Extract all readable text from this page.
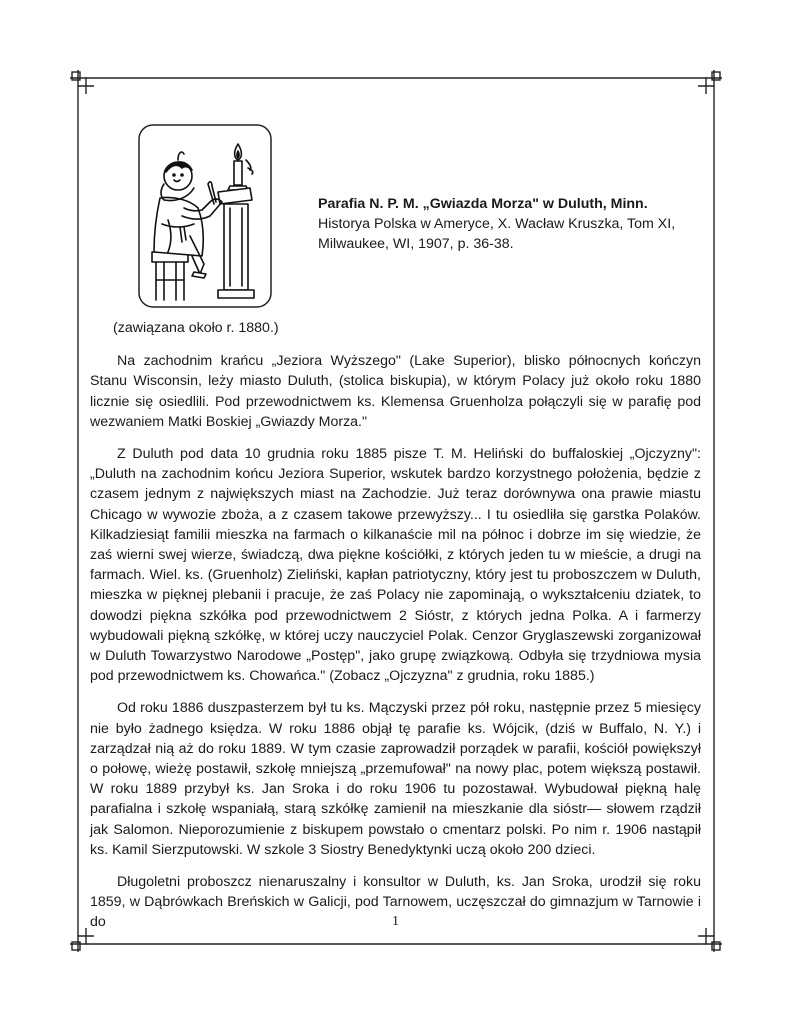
Parafia N. P. M. „Gwiazda Morza" w Duluth, Minn.
Historya Polska w Ameryce, X. Wacław Kruszka, Tom XI,
Milwaukee, WI, 1907, p. 36-38.

(zawiązana około r. 1880.)

Na zachodnim krańcu „Jeziora Wyższego" (Lake Superior), blisko północnych kończyn Stanu Wisconsin, leży miasto Duluth, (stolica biskupia), w którym Polacy już około roku 1880 licznie się osiedlili. Pod przewodnictwem ks. Klemensa Gruenholza połączyli się w parafię pod wezwaniem Matki Boskiej „Gwiazdy Morza."

Z Duluth pod data 10 grudnia roku 1885 pisze T. M. Heliński do buffaloskiej „Ojczyzny": „Duluth na zachodnim końcu Jeziora Superior, wskutek bardzo korzystnego położenia, będzie z czasem jednym z największych miast na Zachodzie. Już teraz dorównywa ona prawie miastu Chicago w wywozie zboża, a z czasem takowe przewyższy... I tu osiedliła się garstka Polaków. Kilkadziesiąt familii mieszka na farmach o kilkanaście mil na północ i dobrze im się wiedzie, że zaś wierni swej wierze, świadczą, dwa piękne kościółki, z których jeden tu w mieście, a drugi na farmach. Wiel. ks. (Gruenholz) Zieliński, kapłan patriotyczny, który jest tu proboszczem w Duluth, mieszka w pięknej plebanii i pracuje, że zaś Polacy nie zapominają, o wykształceniu dziatek, to dowodzi piękna szkółka pod przewodnictwem 2 Sióstr, z których jedna Polka. A i farmerzy wybudowali piękną szkółkę, w której uczy nauczyciel Polak. Cenzor Gryglaszewski zorganizował w Duluth Towarzystwo Narodowe „Postęp", jako grupę związkową. Odbyła się trzydniowa mysia pod przewodnictwem ks. Chowańca." (Zobacz „Ojczyzna" z grudnia, roku 1885.)

Od roku 1886 duszpasterzem był tu ks. Mączyski przez pół roku, następnie przez 5 miesięcy nie było żadnego księdza. W roku 1886 objął tę parafie ks. Wójcik, (dziś w Buffalo, N. Y.) i zarządzał nią aż do roku 1889. W tym czasie zaprowadził porządek w parafii, kościół powiększył o połowę, wieżę postawił, szkołę mniejszą „przemufował" na nowy plac, potem większą postawił. W roku 1889 przybył ks. Jan Sroka i do roku 1906 tu pozostawał. Wybudował piękną halę parafialna i szkołę wspaniałą, starą szkółkę zamienił na mieszkanie dla sióstr— słowem rządził jak Salomon. Nieporozumienie z biskupem powstało o cmentarz polski. Po nim r. 1906 nastąpił ks. Kamil Sierzputowski. W szkole 3 Siostry Benedyktynki uczą około 200 dzieci.

Długoletni proboszcz nienaruszalny i konsultor w Duluth, ks. Jan Sroka, urodził się roku 1859, w Dąbrówkach Breńskich w Galicji, pod Tarnowem, uczęszczał do gimnazjum w Tarnowie i do	1
